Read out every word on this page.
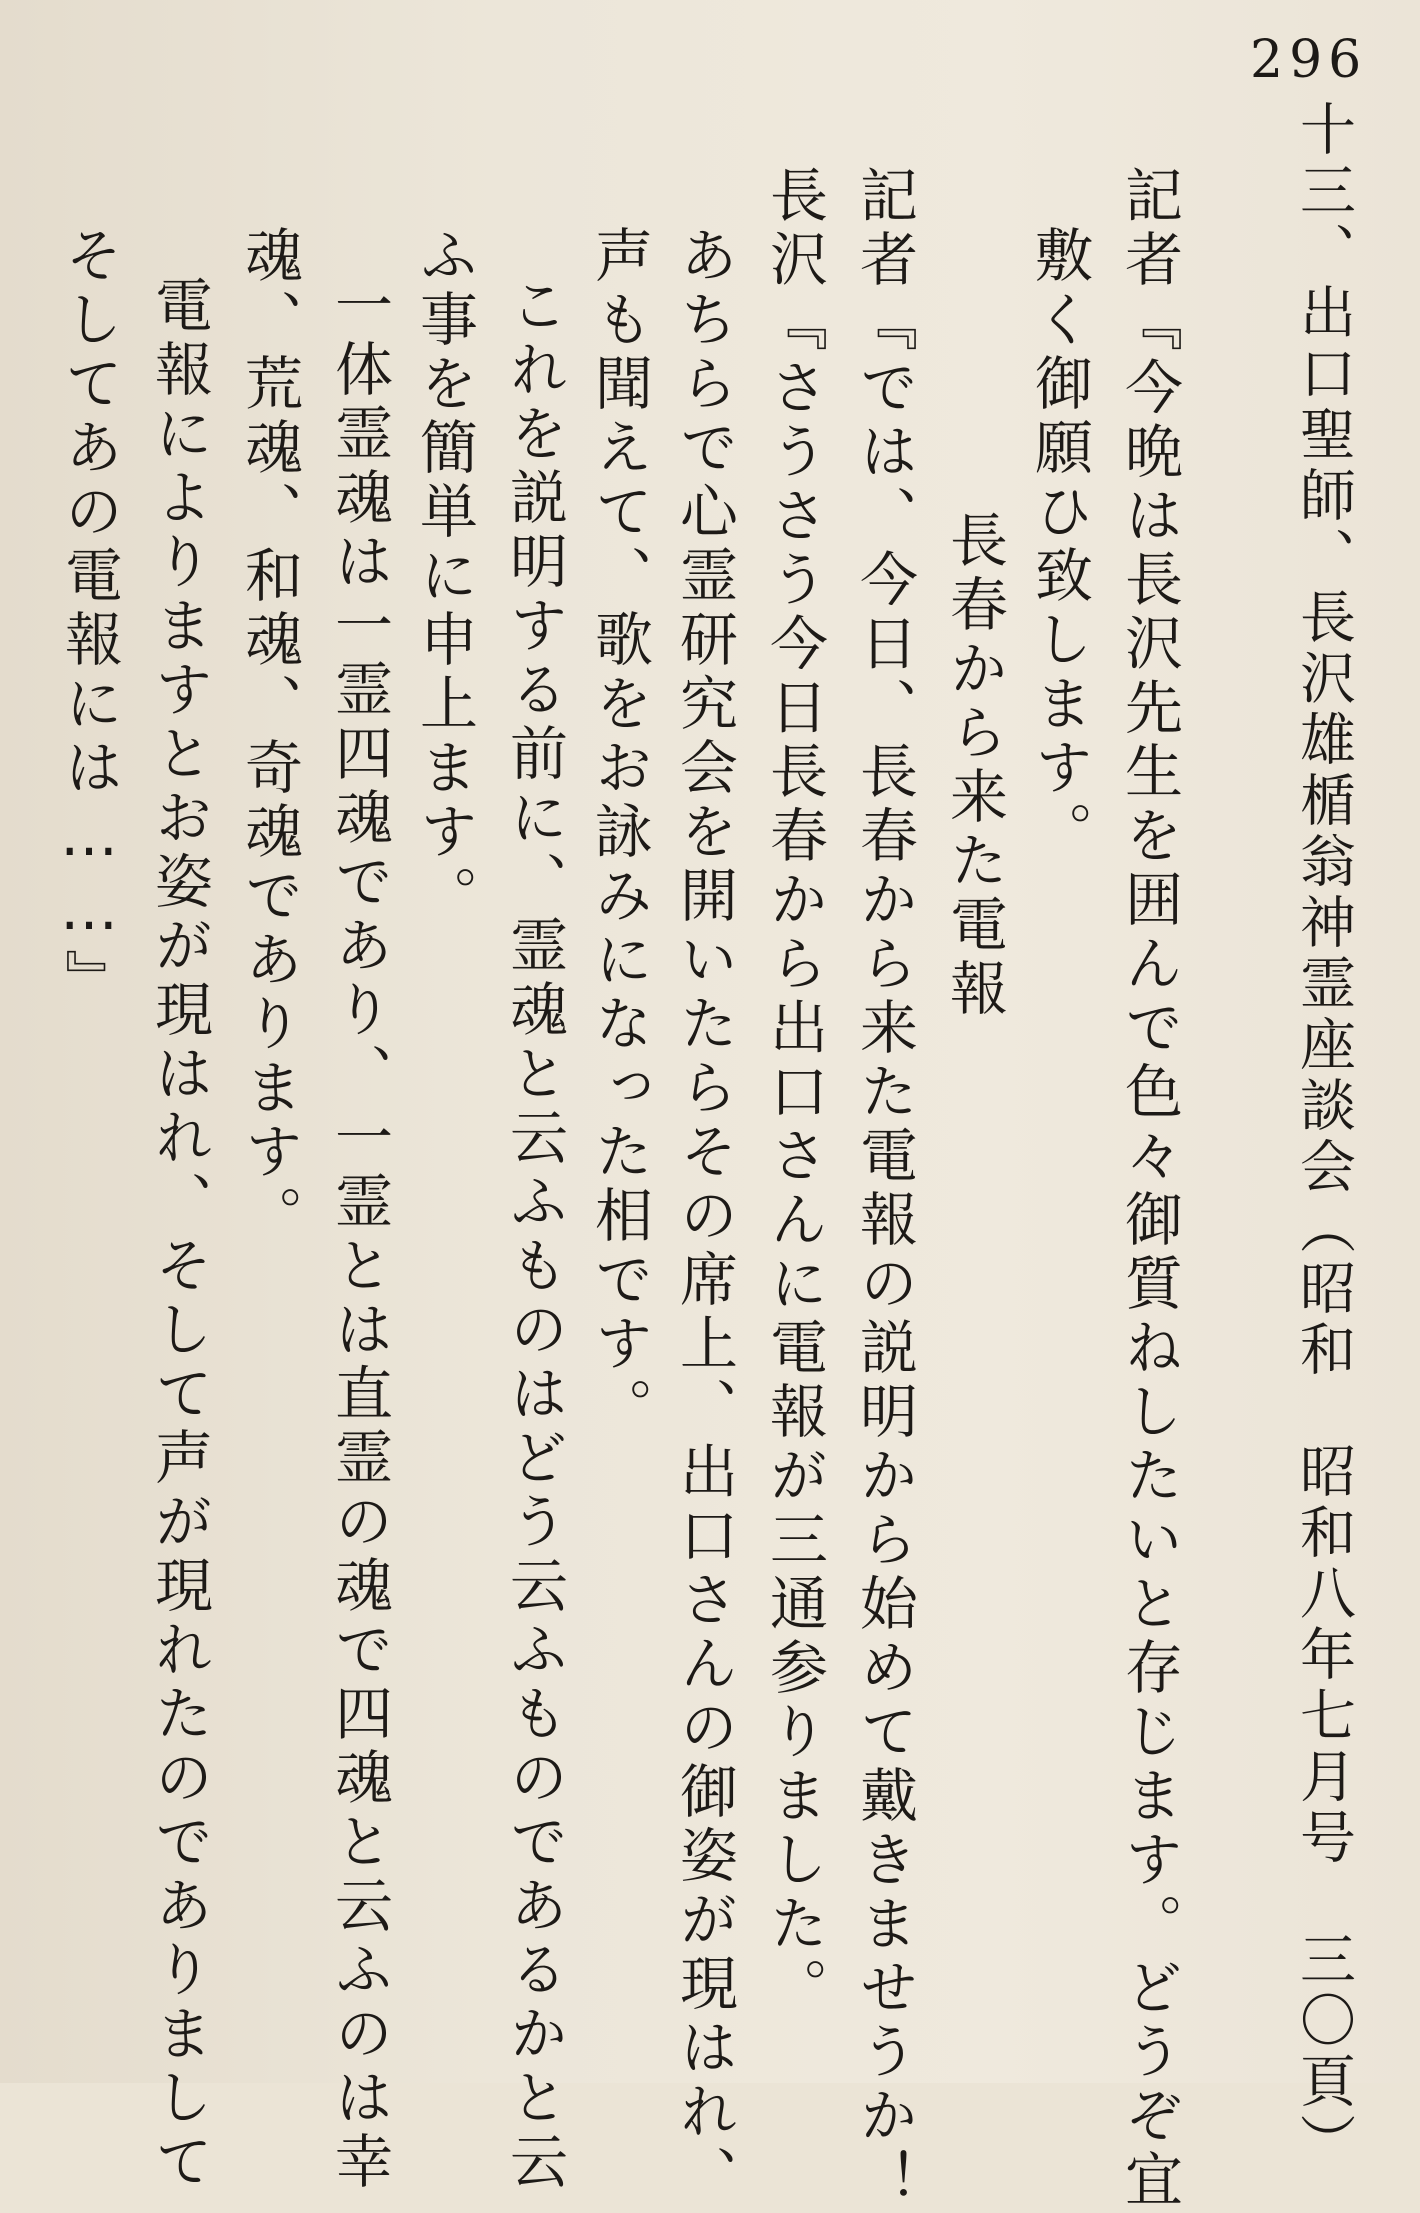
296
十三、出口聖師、長沢雄楯翁神霊座談会（昭和　昭和八年七月号　三〇頁）
記者『今晩は長沢先生を囲んで色々御質ねしたいと存じます。どうぞ宜
敷く御願ひ致します。
長春から来た電報
記者『では、今日、長春から来た電報の説明から始めて戴きませうか！
長沢『さうさう今日長春から出口さんに電報が三通参りました。
あちらで心霊研究会を開いたらその席上、出口さんの御姿が現はれ、
声も聞えて、歌をお詠みになった相です。
これを説明する前に、霊魂と云ふものはどう云ふものであるかと云
ふ事を簡単に申上ます。
一体霊魂は一霊四魂であり、一霊とは直霊の魂で四魂と云ふのは幸
魂、荒魂、和魂、奇魂であります。
電報によりますとお姿が現はれ、そして声が現れたのでありまして
そしてあの電報には……』
